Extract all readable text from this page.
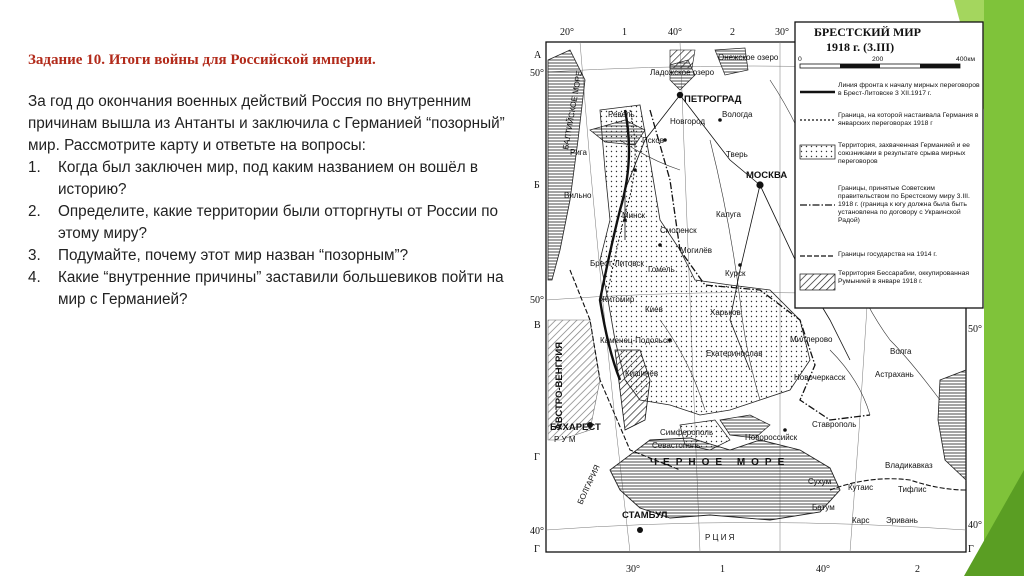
Задание 10. Итоги войны для Российской империи.

За год до окончания военных действий Россия по внутренним причинам вышла из Антанты и заключила с Германией “позорный” мир. Рассмотрите карту и ответьте на вопросы:

1.	Когда был заключен мир, под каким названием он вошёл в историю?
2.	Определите, какие территории были отторгнуты от России по этому миру?
3.	Подумайте, почему этот мир назван “позорным”?
4.	Какие “внутренние причины” заставили большевиков пойти на мир с Германией?
20°	1	40°	2	30°
30°	1	40°	2
А
50°
Б
В
50°
Г
40°
Г
50°
40°
Г
ПЕТРОГРАД
МОСКВА
Новгород
Вологда
Псков
Рига	Тверь
Вильно
Минск
Смоленск
Калуга
Могилёв
Брест-Литовск
Гомель	Курск
Житомир
Киев	Харьков
Каменец-Подольск
Екатеринослав
Кишинёв
Миллерово
Волга
Новочеркасск	Астрахань
Ставрополь
БУХАРЕСТ
Р У М
Симферополь
Севастополь
Новороссийск
Владикавказ
Сухум
Кутаис	Тифлис
Батум
Карс Эривань
СТАМБУЛ
Р Ц И Я
ЧЕРНОЕ МОРЕ
АВСТРО-ВЕНГРИЯ
БОЛГАРИЯ
БАЛТИЙСКОЕ МОРЕ
Онежское озеро
Ладожское озеро
Ревель
БРЕСТСКИЙ МИР
1918 г. (3.III)
0	200	400км
Линия фронта к началу мирных переговоров в Брест-Литовске 3 XII.1917 г.
Граница, на которой настаивала Германия в январских переговорах 1918 г
Территория, захваченная Германией и ее союзниками в результате срыва мирных переговоров
Границы, принятые Советским правительством по Брестскому миру 3.III. 1918 г. (граница к югу должна была быть установлена по договору с Украинской Радой)
Границы государства на 1914 г.
Территория Бессарабии, оккупированная Румынией в январе 1918 г.
